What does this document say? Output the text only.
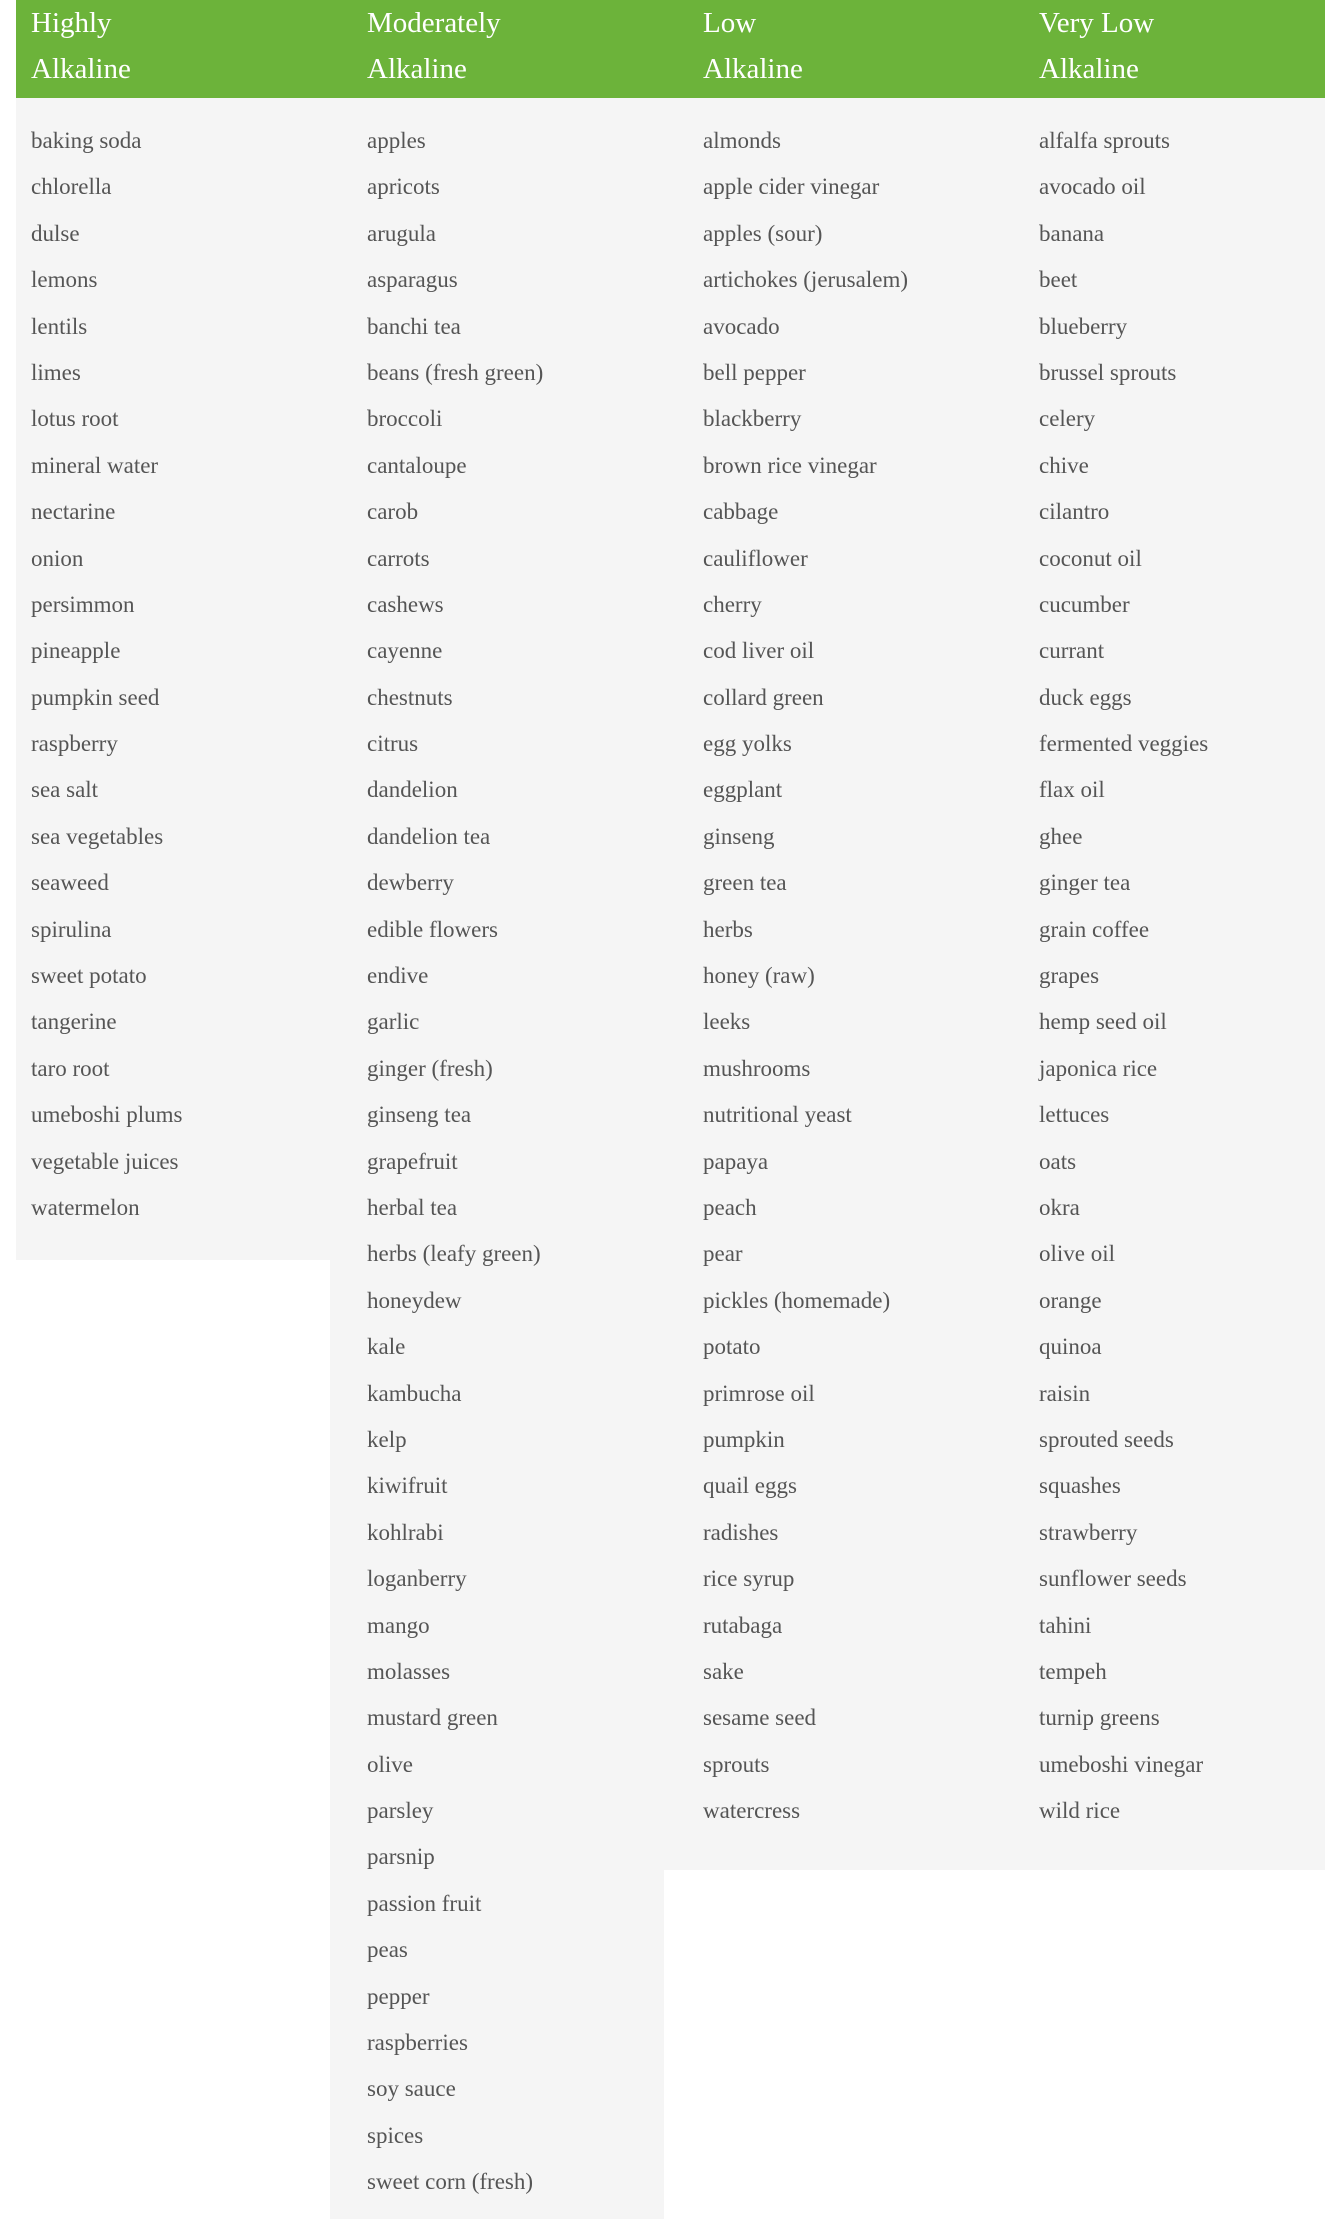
Highly
Alkaline
Moderately
Alkaline
Low
Alkaline
Very Low
Alkaline
baking soda
chlorella
dulse
lemons
lentils
limes
lotus root
mineral water
nectarine
onion
persimmon
pineapple
pumpkin seed
raspberry
sea salt
sea vegetables
seaweed
spirulina
sweet potato
tangerine
taro root
umeboshi plums
vegetable juices
watermelon
apples
apricots
arugula
asparagus
banchi tea
beans (fresh green)
broccoli
cantaloupe
carob
carrots
cashews
cayenne
chestnuts
citrus
dandelion
dandelion tea
dewberry
edible flowers
endive
garlic
ginger (fresh)
ginseng tea
grapefruit
herbal tea
herbs (leafy green)
honeydew
kale
kambucha
kelp
kiwifruit
kohlrabi
loganberry
mango
molasses
mustard green
olive
parsley
parsnip
passion fruit
peas
pepper
raspberries
soy sauce
spices
sweet corn (fresh)
almonds
apple cider vinegar
apples (sour)
artichokes (jerusalem)
avocado
bell pepper
blackberry
brown rice vinegar
cabbage
cauliflower
cherry
cod liver oil
collard green
egg yolks
eggplant
ginseng
green tea
herbs
honey (raw)
leeks
mushrooms
nutritional yeast
papaya
peach
pear
pickles (homemade)
potato
primrose oil
pumpkin
quail eggs
radishes
rice syrup
rutabaga
sake
sesame seed
sprouts
watercress
alfalfa sprouts
avocado oil
banana
beet
blueberry
brussel sprouts
celery
chive
cilantro
coconut oil
cucumber
currant
duck eggs
fermented veggies
flax oil
ghee
ginger tea
grain coffee
grapes
hemp seed oil
japonica rice
lettuces
oats
okra
olive oil
orange
quinoa
raisin
sprouted seeds
squashes
strawberry
sunflower seeds
tahini
tempeh
turnip greens
umeboshi vinegar
wild rice
